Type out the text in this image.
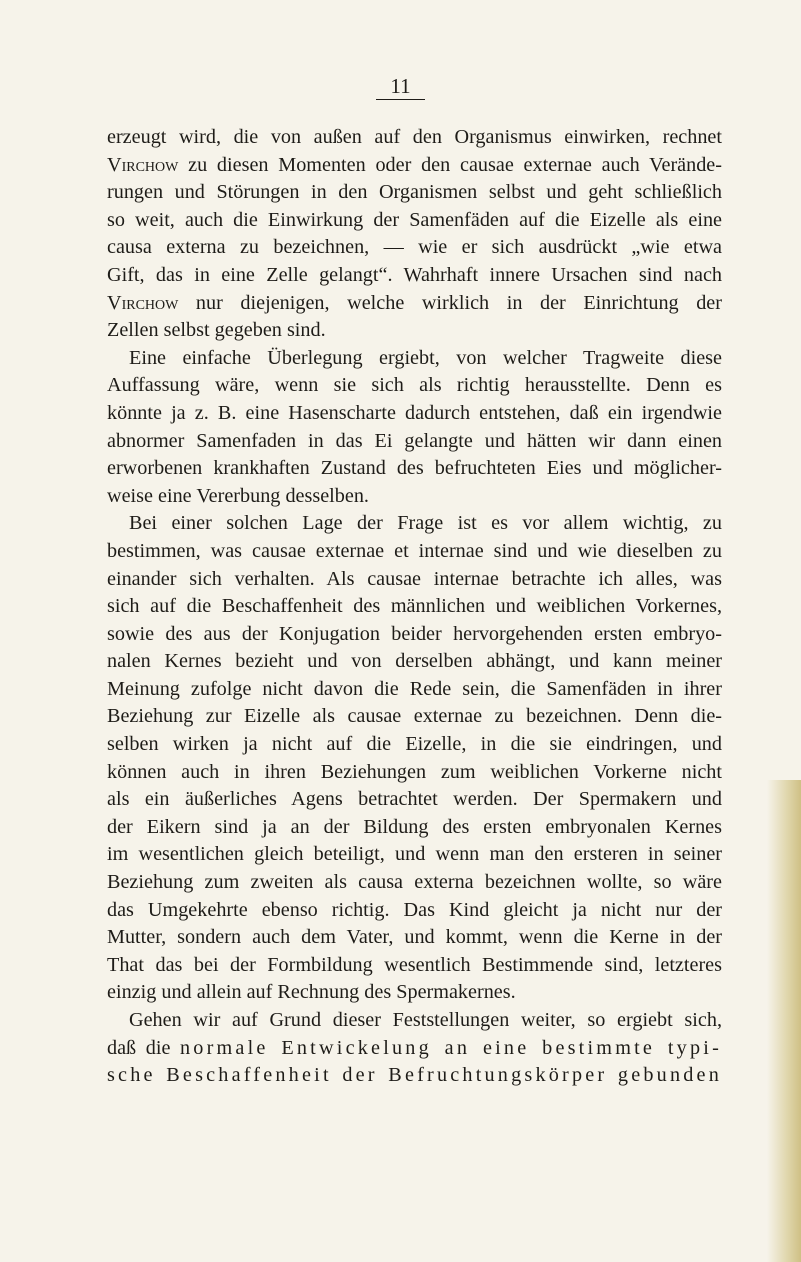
11
erzeugt wird, die von außen auf den Organismus einwirken, rechnet
Virchow zu diesen Momenten oder den causae externae auch Verände-
rungen und Störungen in den Organismen selbst und geht schließlich
so weit, auch die Einwirkung der Samenfäden auf die Eizelle als eine
causa externa zu bezeichnen, — wie er sich ausdrückt „wie etwa
Gift, das in eine Zelle gelangt“. Wahrhaft innere Ursachen sind nach
Virchow nur diejenigen, welche wirklich in der Einrichtung der
Zellen selbst gegeben sind.
Eine einfache Überlegung ergiebt, von welcher Tragweite diese
Auffassung wäre, wenn sie sich als richtig herausstellte. Denn es
könnte ja z. B. eine Hasenscharte dadurch entstehen, daß ein irgendwie
abnormer Samenfaden in das Ei gelangte und hätten wir dann einen
erworbenen krankhaften Zustand des befruchteten Eies und möglicher-
weise eine Vererbung desselben.
Bei einer solchen Lage der Frage ist es vor allem wichtig, zu
bestimmen, was causae externae et internae sind und wie dieselben zu
einander sich verhalten. Als causae internae betrachte ich alles, was
sich auf die Beschaffenheit des männlichen und weiblichen Vorkernes,
sowie des aus der Konjugation beider hervorgehenden ersten embryo-
nalen Kernes bezieht und von derselben abhängt, und kann meiner
Meinung zufolge nicht davon die Rede sein, die Samenfäden in ihrer
Beziehung zur Eizelle als causae externae zu bezeichnen. Denn die-
selben wirken ja nicht auf die Eizelle, in die sie eindringen, und
können auch in ihren Beziehungen zum weiblichen Vorkerne nicht
als ein äußerliches Agens betrachtet werden. Der Spermakern und
der Eikern sind ja an der Bildung des ersten embryonalen Kernes
im wesentlichen gleich beteiligt, und wenn man den ersteren in seiner
Beziehung zum zweiten als causa externa bezeichnen wollte, so wäre
das Umgekehrte ebenso richtig. Das Kind gleicht ja nicht nur der
Mutter, sondern auch dem Vater, und kommt, wenn die Kerne in der
That das bei der Formbildung wesentlich Bestimmende sind, letzteres
einzig und allein auf Rechnung des Spermakernes.
Gehen wir auf Grund dieser Feststellungen weiter, so ergiebt sich,
daß die normale Entwickelung an eine bestimmte typi-
sche Beschaffenheit der Befruchtungskörper gebunden
